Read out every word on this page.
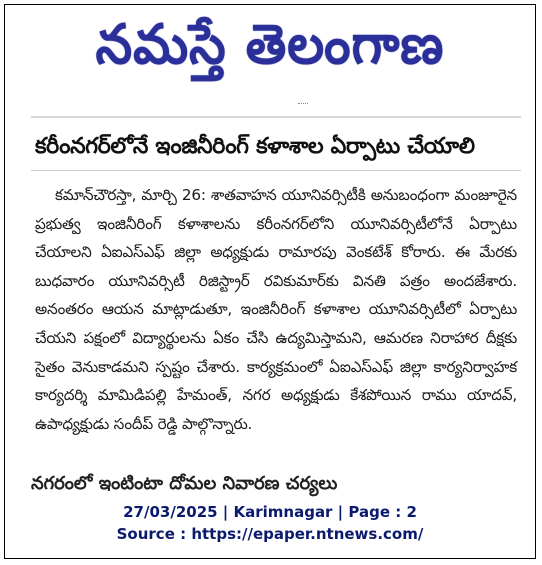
నమస్తే తెలంగాణ
కరీంనగర్‌లోనే ఇంజినీరింగ్ కళాశాల ఏర్పాటు చేయాలి

కమాన్‌చౌరస్తా, మార్చి 26: శాతవాహన యూనివర్సిటీకి అనుబంధంగా మంజూరైన ప్రభుత్వ ఇంజినీరింగ్ కళాశాలను కరీంనగర్‌లోని యూనివర్సిటీలోనే ఏర్పాటు చేయాలని ఏఐఎస్‌ఎఫ్ జిల్లా అధ్యక్షుడు రామారపు వెంకటేశ్ కోరారు. ఈ మేరకు బుధవారం యూనివర్సిటీ రిజిస్ట్రార్ రవికుమార్‌కు వినతి పత్రం అందజేశారు. అనంతరం ఆయన మాట్లాడుతూ, ఇంజినీరింగ్ కళాశాల యూనివర్సిటీలో ఏర్పాటు చేయని పక్షంలో విద్యార్థులను ఏకం చేసి ఉద్యమిస్తామని, ఆమరణ నిరాహార దీక్షకు సైతం వెనుకాడమని స్పష్టం చేశారు. కార్యక్రమంలో ఏఐఎస్‌ఎఫ్ జిల్లా కార్యనిర్వాహక కార్యదర్శి మామిడిపల్లి హేమంత్, నగర అధ్యక్షుడు కేశపోయిన రాము యాదవ్, ఉపాధ్యక్షుడు సందీప్ రెడ్డి పాల్గొన్నారు.

నగరంలో ఇంటింటా దోమల నివారణ చర్యలు
27/03/2025 | Karimnagar | Page : 2
Source : https://epaper.ntnews.com/
